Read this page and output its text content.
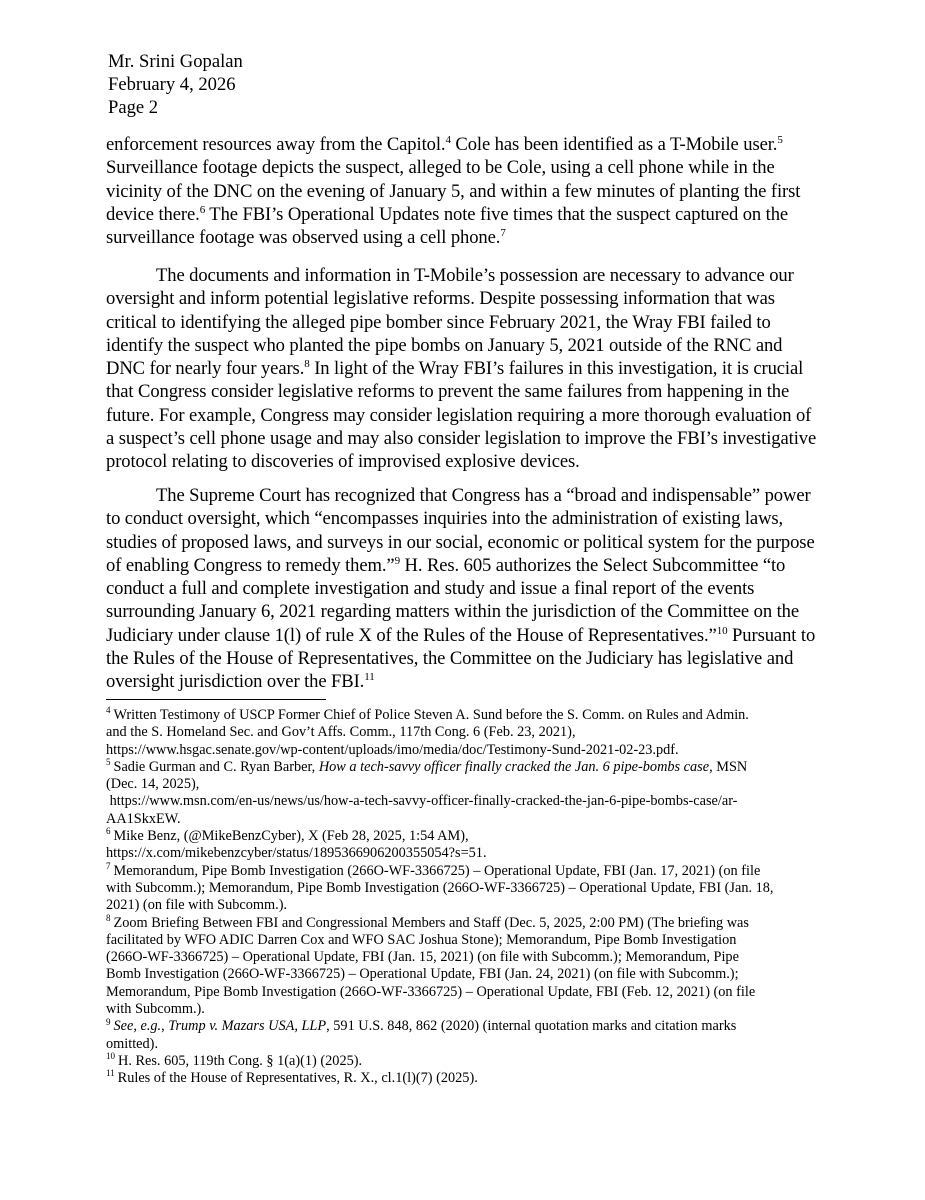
Mr. Srini Gopalan
February 4, 2026
Page 2
enforcement resources away from the Capitol.$^4$ Cole has been identified as a T-Mobile user.$^5$
Surveillance footage depicts the suspect, alleged to be Cole, using a cell phone while in the
vicinity of the DNC on the evening of January 5, and within a few minutes of planting the first
device there.$^6$ The FBI’s Operational Updates note five times that the suspect captured on the
surveillance footage was observed using a cell phone.$^7$
The documents and information in T-Mobile’s possession are necessary to advance our
oversight and inform potential legislative reforms. Despite possessing information that was
critical to identifying the alleged pipe bomber since February 2021, the Wray FBI failed to
identify the suspect who planted the pipe bombs on January 5, 2021 outside of the RNC and
DNC for nearly four years.$^8$ In light of the Wray FBI’s failures in this investigation, it is crucial
that Congress consider legislative reforms to prevent the same failures from happening in the
future. For example, Congress may consider legislation requiring a more thorough evaluation of
a suspect’s cell phone usage and may also consider legislation to improve the FBI’s investigative
protocol relating to discoveries of improvised explosive devices.
The Supreme Court has recognized that Congress has a “broad and indispensable” power
to conduct oversight, which “encompasses inquiries into the administration of existing laws,
studies of proposed laws, and surveys in our social, economic or political system for the purpose
of enabling Congress to remedy them.”$^9$ H. Res. 605 authorizes the Select Subcommittee “to
conduct a full and complete investigation and study and issue a final report of the events
surrounding January 6, 2021 regarding matters within the jurisdiction of the Committee on the
Judiciary under clause 1(l) of rule X of the Rules of the House of Representatives.”$^{10}$ Pursuant to
the Rules of the House of Representatives, the Committee on the Judiciary has legislative and
oversight jurisdiction over the FBI.$^{11}$
$^4$ Written Testimony of USCP Former Chief of Police Steven A. Sund before the S. Comm. on Rules and Admin.
and the S. Homeland Sec. and Gov’t Affs. Comm., 117th Cong. 6 (Feb. 23, 2021),
https://www.hsgac.senate.gov/wp-content/uploads/imo/media/doc/Testimony-Sund-2021-02-23.pdf.
$^5$ Sadie Gurman and C. Ryan Barber, How a tech-savvy officer finally cracked the Jan. 6 pipe-bombs case, MSN
(Dec. 14, 2025),
https://www.msn.com/en-us/news/us/how-a-tech-savvy-officer-finally-cracked-the-jan-6-pipe-bombs-case/ar-
AA1SkxEW.
$^6$ Mike Benz, (@MikeBenzCyber), X (Feb 28, 2025, 1:54 AM),
https://x.com/mikebenzcyber/status/1895366906200355054?s=51.
$^7$ Memorandum, Pipe Bomb Investigation (266O-WF-3366725) – Operational Update, FBI (Jan. 17, 2021) (on file
with Subcomm.); Memorandum, Pipe Bomb Investigation (266O-WF-3366725) – Operational Update, FBI (Jan. 18,
2021) (on file with Subcomm.).
$^8$ Zoom Briefing Between FBI and Congressional Members and Staff (Dec. 5, 2025, 2:00 PM) (The briefing was
facilitated by WFO ADIC Darren Cox and WFO SAC Joshua Stone); Memorandum, Pipe Bomb Investigation
(266O-WF-3366725) – Operational Update, FBI (Jan. 15, 2021) (on file with Subcomm.); Memorandum, Pipe
Bomb Investigation (266O-WF-3366725) – Operational Update, FBI (Jan. 24, 2021) (on file with Subcomm.);
Memorandum, Pipe Bomb Investigation (266O-WF-3366725) – Operational Update, FBI (Feb. 12, 2021) (on file
with Subcomm.).
$^9$ See, e.g., Trump v. Mazars USA, LLP, 591 U.S. 848, 862 (2020) (internal quotation marks and citation marks
omitted).
$^{10}$ H. Res. 605, 119th Cong. § 1(a)(1) (2025).
$^{11}$ Rules of the House of Representatives, R. X., cl.1(l)(7) (2025).
